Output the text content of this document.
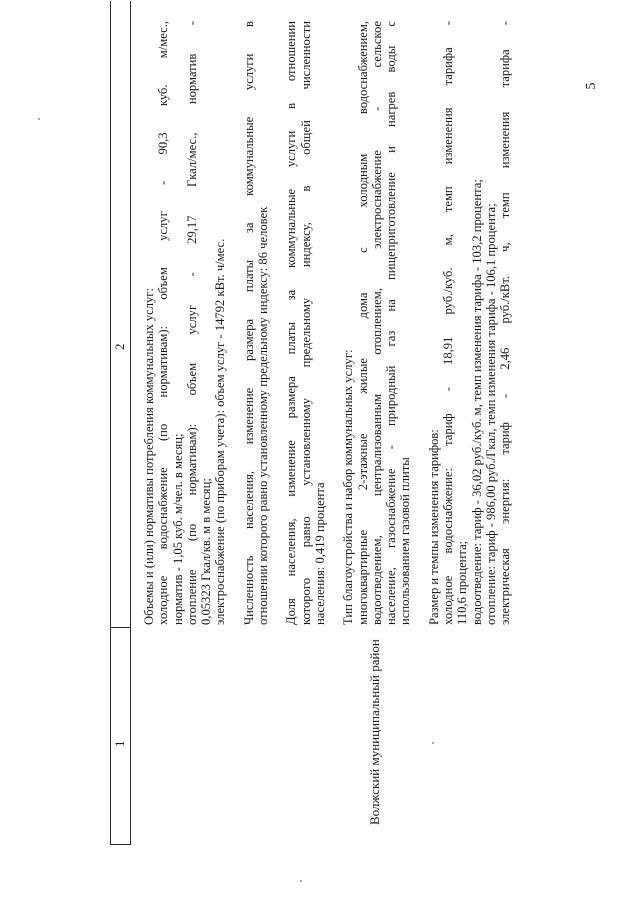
5
1
2
Волжский муниципальный район

Объемы и (или) нормативы потребления коммунальных услуг: холодное водоснабжение (по нормативам): объем услуг - 90,3 куб. м/мес., норматив - 1,05 куб. м/чел. в месяц; отопление (по нормативам): объем услуг - 29,17 Гкал/мес., норматив - 0,05323 Гкал/кв. м в месяц; электроснабжение (по приборам учета): объем услуг - 14792 кВт. ч/мес. Численность населения, изменение размера платы за коммунальные услуги в отношении которого равно установленному предельному индексу: 86 человек Доля населения, изменение размера платы за коммунальные услуги в отношении которого равно установленному предельному индексу, в общей численности населения: 0,419 процента Тип благоустройства и набор коммунальных услуг: многоквартирные 2-этажные жилые дома с холодным водоснабжением, водоотведением, централизованным отоплением, электроснабжение - сельское население, газоснабжение - природный газ на пищеприготовление и нагрев воды с использованием газовой плиты Размер и темпы изменения тарифов: холодное водоснабжение: тариф - 18,91 руб./куб. м, темп изменения тарифа - 110,6 процента; водоотведение: тариф - 36,02 руб./куб. м, темп изменения тарифа - 103,2 процента; отопление: тариф - 986,00 руб./Гкал, темп изменения тарифа - 106,1 процента; электрическая энергия: тариф - 2,46 руб./кВт. ч, темп изменения тарифа -
